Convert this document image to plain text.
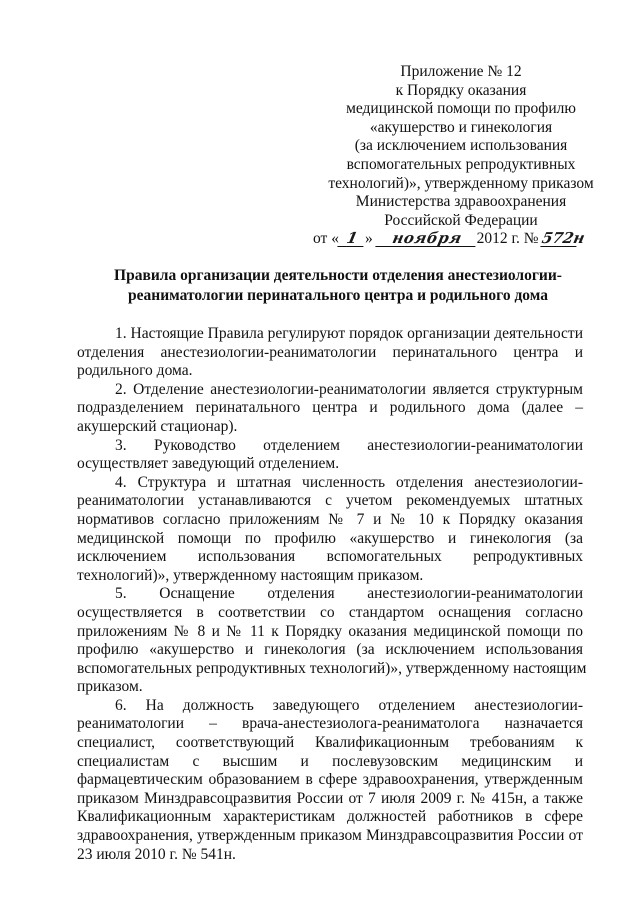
Приложение № 12
к Порядку оказания
медицинской помощи по профилю
«акушерство и гинекология
(за исключением использования
вспомогательных репродуктивных
технологий)», утвержденному приказом
Министерства здравоохранения
Российской Федерации
от « 1 » ноября 2012 г. № 572н
Правила организации деятельности отделения анестезиологии-
реаниматологии перинатального центра и родильного дома
1. Настоящие Правила регулируют порядок организации деятельности
отделения анестезиологии-реаниматологии перинатального центра и
родильного дома.
2. Отделение анестезиологии-реаниматологии является структурным
подразделением перинатального центра и родильного дома (далее –
акушерский стационар).
3. Руководство отделением анестезиологии-реаниматологии
осуществляет заведующий отделением.
4. Структура и штатная численность отделения анестезиологии-
реаниматологии устанавливаются с учетом рекомендуемых штатных
нормативов согласно приложениям № 7 и № 10 к Порядку оказания
медицинской помощи по профилю «акушерство и гинекология (за
исключением использования вспомогательных репродуктивных
технологий)», утвержденному настоящим приказом.
5. Оснащение отделения анестезиологии-реаниматологии
осуществляется в соответствии со стандартом оснащения согласно
приложениям № 8 и № 11 к Порядку оказания медицинской помощи по
профилю «акушерство и гинекология (за исключением использования
вспомогательных репродуктивных технологий)», утвержденному настоящим
приказом.
6. На должность заведующего отделением анестезиологии-
реаниматологии – врача-анестезиолога-реаниматолога назначается
специалист, соответствующий Квалификационным требованиям к
специалистам с высшим и послевузовским медицинским и
фармацевтическим образованием в сфере здравоохранения, утвержденным
приказом Минздравсоцразвития России от 7 июля 2009 г. № 415н, а также
Квалификационным характеристикам должностей работников в сфере
здравоохранения, утвержденным приказом Минздравсоцразвития России от
23 июля 2010 г. № 541н.
